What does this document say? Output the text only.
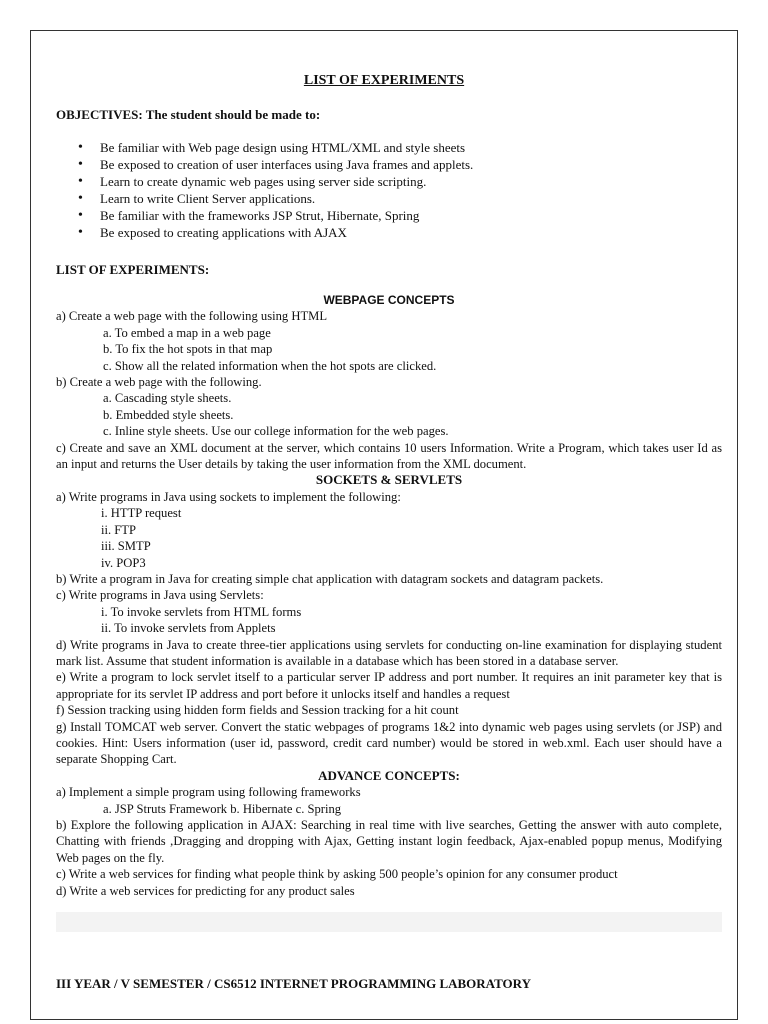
LIST OF EXPERIMENTS
OBJECTIVES: The student should be made to:
• Be familiar with Web page design using HTML/XML and style sheets
• Be exposed to creation of user interfaces using Java frames and applets.
• Learn to create dynamic web pages using server side scripting.
• Learn to write Client Server applications.
• Be familiar with the frameworks JSP Strut, Hibernate, Spring
• Be exposed to creating applications with AJAX
LIST OF EXPERIMENTS:
WEBPAGE CONCEPTS
a) Create a web page with the following using HTML
a. To embed a map in a web page
b. To fix the hot spots in that map
c. Show all the related information when the hot spots are clicked.
b) Create a web page with the following.
a. Cascading style sheets.
b. Embedded style sheets.
c. Inline style sheets. Use our college information for the web pages.
c) Create and save an XML document at the server, which contains 10 users Information. Write a Program, which takes user Id as an input and returns the User details by taking the user information from the XML document.
SOCKETS & SERVLETS
a) Write programs in Java using sockets to implement the following:
i. HTTP request
ii. FTP
iii. SMTP
iv. POP3
b) Write a program in Java for creating simple chat application with datagram sockets and datagram packets.
c) Write programs in Java using Servlets:
i. To invoke servlets from HTML forms
ii. To invoke servlets from Applets
d) Write programs in Java to create three-tier applications using servlets for conducting on-line examination for displaying student mark list. Assume that student information is available in a database which has been stored in a database server.
e) Write a program to lock servlet itself to a particular server IP address and port number. It requires an init parameter key that is appropriate for its servlet IP address and port before it unlocks itself and handles a request
f) Session tracking using hidden form fields and Session tracking for a hit count
g) Install TOMCAT web server. Convert the static webpages of programs 1&2 into dynamic web pages using servlets (or JSP) and cookies. Hint: Users information (user id, password, credit card number) would be stored in web.xml. Each user should have a separate Shopping Cart.
ADVANCE CONCEPTS:
a) Implement a simple program using following frameworks
a. JSP Struts Framework b. Hibernate c. Spring
b) Explore the following application in AJAX: Searching in real time with live searches, Getting the answer with auto complete, Chatting with friends ,Dragging and dropping with Ajax, Getting instant login feedback, Ajax-enabled popup menus, Modifying Web pages on the fly.
c) Write a web services for finding what people think by asking 500 people’s opinion for any consumer product
d) Write a web services for predicting for any product sales
III YEAR / V SEMESTER / CS6512 INTERNET PROGRAMMING LABORATORY
